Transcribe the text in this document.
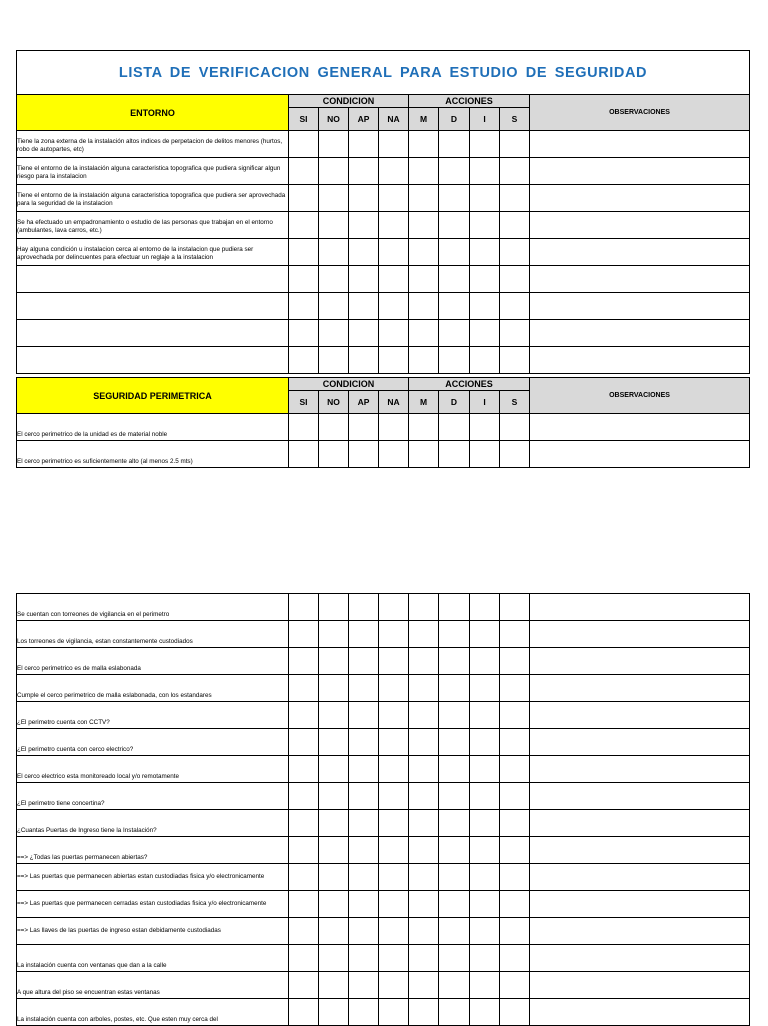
LISTA DE VERIFICACION GENERAL PARA ESTUDIO DE SEGURIDAD									
ENTORNO	CONDICION				ACCIONES				OBSERVACIONES
	SI	NO	AP	NA	M	D	I	S	
Tiene la zona externa de la instalación altos indices de perpetacion de delitos menores (hurtos, robo de autopartes, etc)									
Tiene el entorno de la instalación alguna caracteristica topografica que pudiera significar algun riesgo para la instalacion									
Tiene el entorno de la instalación alguna caracteristica topografica que pudiera ser aprovechada para la seguridad de la instalacion									
Se ha efectuado un empadronamiento o estudio de las personas que trabajan en el entorno (ambulantes, lava carros, etc.)									
Hay alguna condición u instalacion cerca al entorno de la instalacion que pudiera ser aprovechada por delincuentes para efectuar un reglaje a la instalacion									

SEGURIDAD PERIMETRICA	CONDICION				ACCIONES				OBSERVACIONES
	SI	NO	AP	NA	M	D	I	S	
El cerco perimetrico de la unidad es de material noble									
El cerco perimetrico es suficientemente alto (al menos 2.5 mts)									
Se cuentan con torreones de vigilancia en el perimetro									
Los torreones de vigilancia, estan constantemente custodiados									
El cerco perimetrico es de malla eslabonada									
Cumple el cerco perimetrico de malla eslabonada, con los estandares									
¿El perimetro cuenta con CCTV?									
¿El perimetro cuenta con cerco electrico?									
El cerco electrico esta monitoreado local y/o remotamente									
¿El perimetro tiene concertina?									
¿Cuantas Puertas de Ingreso tiene la Instalación?									
==> ¿Todas las puertas permanecen abiertas?									
==> Las puertas que permanecen abiertas estan custodiadas fisica y/o electronicamente									
==> Las puertas que permanecen cerradas estan custodiadas fisica y/o electronicamente									
==> Las llaves de las puertas de ingreso estan debidamente custodiadas									
La instalación cuenta con ventanas que dan a la calle									
A que altura del piso se encuentran estas ventanas									
La instalación cuenta con arboles, postes, etc. Que esten muy cerca del									
